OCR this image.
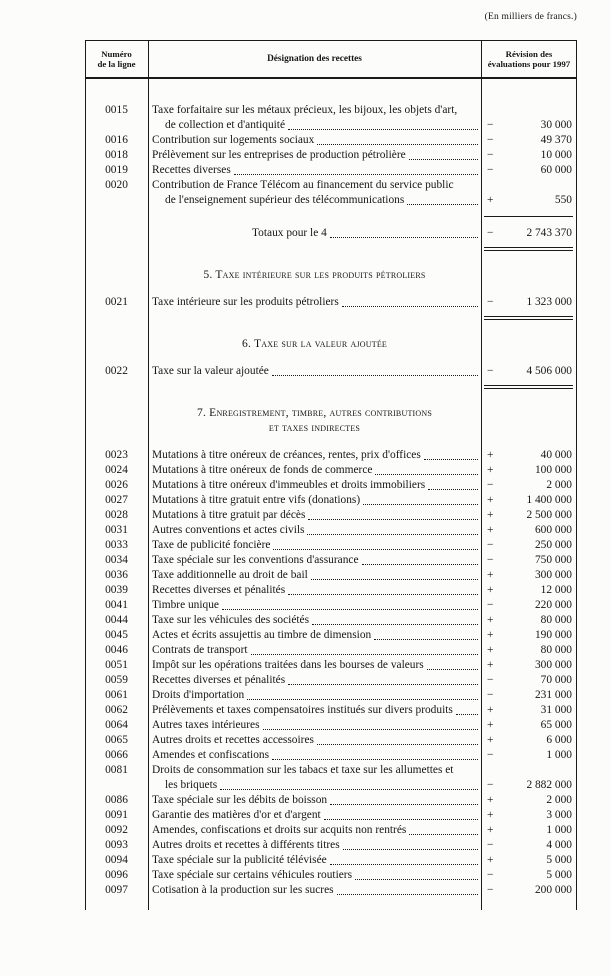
(En milliers de francs.)
Numéro
de la ligne
Désignation des recettes
Révision des
évaluations pour 1997
0015	Taxe forfaitaire sur les métaux précieux, les bijoux, les objets d'art,
de collection et d'antiquité	−	30 000
0016	Contribution sur logements sociaux	−	49 370
0018	Prélèvement sur les entreprises de production pétrolière	−	10 000
0019	Recettes diverses	−	60 000
0020	Contribution de France Télécom au financement du service public
de l'enseignement supérieur des télécommunications	+	550
Totaux pour le 4	−	2 743 370
5. Taxe intérieure sur les produits pétroliers
0021	Taxe intérieure sur les produits pétroliers	−	1 323 000
6. Taxe sur la valeur ajoutée
0022	Taxe sur la valeur ajoutée	−	4 506 000
7. Enregistrement, timbre, autres contributions
et taxes indirectes
0023	Mutations à titre onéreux de créances, rentes, prix d'offices	+	40 000
0024	Mutations à titre onéreux de fonds de commerce	+	100 000
0026	Mutations à titre onéreux d'immeubles et droits immobiliers	−	2 000
0027	Mutations à titre gratuit entre vifs (donations)	+	1 400 000
0028	Mutations à titre gratuit par décès	+	2 500 000
0031	Autres conventions et actes civils	+	600 000
0033	Taxe de publicité foncière	−	250 000
0034	Taxe spéciale sur les conventions d'assurance	−	750 000
0036	Taxe additionnelle au droit de bail	+	300 000
0039	Recettes diverses et pénalités	+	12 000
0041	Timbre unique	−	220 000
0044	Taxe sur les véhicules des sociétés	+	80 000
0045	Actes et écrits assujettis au timbre de dimension	+	190 000
0046	Contrats de transport	+	80 000
0051	Impôt sur les opérations traitées dans les bourses de valeurs	+	300 000
0059	Recettes diverses et pénalités	−	70 000
0061	Droits d'importation	−	231 000
0062	Prélèvements et taxes compensatoires institués sur divers produits	+	31 000
0064	Autres taxes intérieures	+	65 000
0065	Autres droits et recettes accessoires	+	6 000
0066	Amendes et confiscations	−	1 000
0081	Droits de consommation sur les tabacs et taxe sur les allumettes et
les briquets	−	2 882 000
0086	Taxe spéciale sur les débits de boisson	+	2 000
0091	Garantie des matières d'or et d'argent	+	3 000
0092	Amendes, confiscations et droits sur acquits non rentrés	+	1 000
0093	Autres droits et recettes à différents titres	−	4 000
0094	Taxe spéciale sur la publicité télévisée	+	5 000
0096	Taxe spéciale sur certains véhicules routiers	−	5 000
0097	Cotisation à la production sur les sucres	−	200 000
